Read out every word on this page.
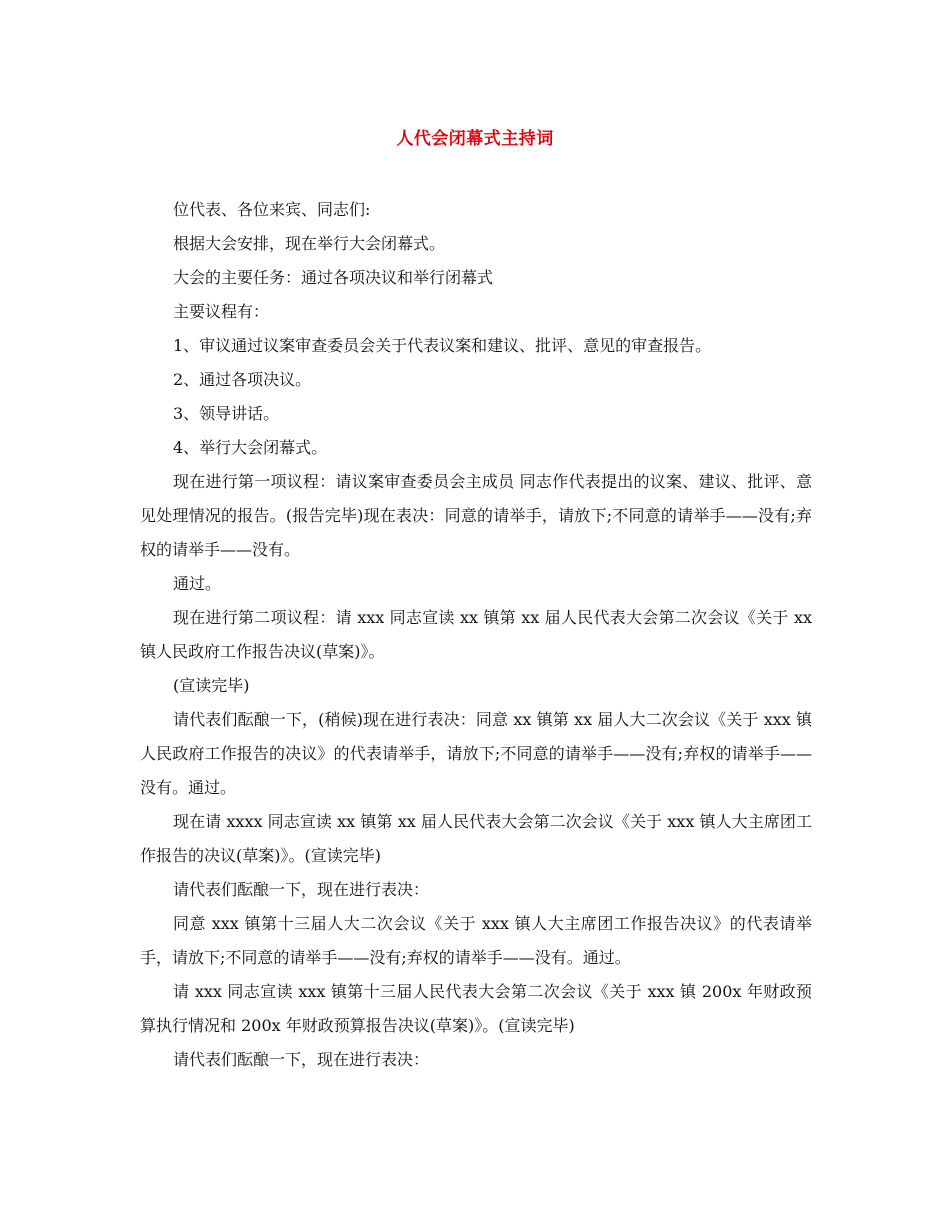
人代会闭幕式主持词

位代表、各位来宾、同志们:

根据大会安排，现在举行大会闭幕式。

大会的主要任务：通过各项决议和举行闭幕式

主要议程有：

1、审议通过议案审查委员会关于代表议案和建议、批评、意见的审查报告。

2、通过各项决议。

3、领导讲话。

4、举行大会闭幕式。

现在进行第一项议程：请议案审查委员会主成员 同志作代表提出的议案、建议、批评、意见处理情况的报告。(报告完毕)现在表决：同意的请举手，请放下;不同意的请举手——没有;弃权的请举手——没有。

通过。

现在进行第二项议程：请 xxx 同志宣读 xx 镇第 xx 届人民代表大会第二次会议《关于 xx 镇人民政府工作报告决议(草案)》。

(宣读完毕)

请代表们酝酿一下，(稍候)现在进行表决：同意 xx 镇第 xx 届人大二次会议《关于 xxx 镇人民政府工作报告的决议》的代表请举手，请放下;不同意的请举手——没有;弃权的请举手——没有。通过。

现在请 xxxx 同志宣读 xx 镇第 xx 届人民代表大会第二次会议《关于 xxx 镇人大主席团工作报告的决议(草案)》。(宣读完毕)

请代表们酝酿一下，现在进行表决：

同意 xxx 镇第十三届人大二次会议《关于 xxx 镇人大主席团工作报告决议》的代表请举手，请放下;不同意的请举手——没有;弃权的请举手——没有。通过。

请 xxx 同志宣读 xxx 镇第十三届人民代表大会第二次会议《关于 xxx 镇 200x 年财政预算执行情况和 200x 年财政预算报告决议(草案)》。(宣读完毕)

请代表们酝酿一下，现在进行表决：
